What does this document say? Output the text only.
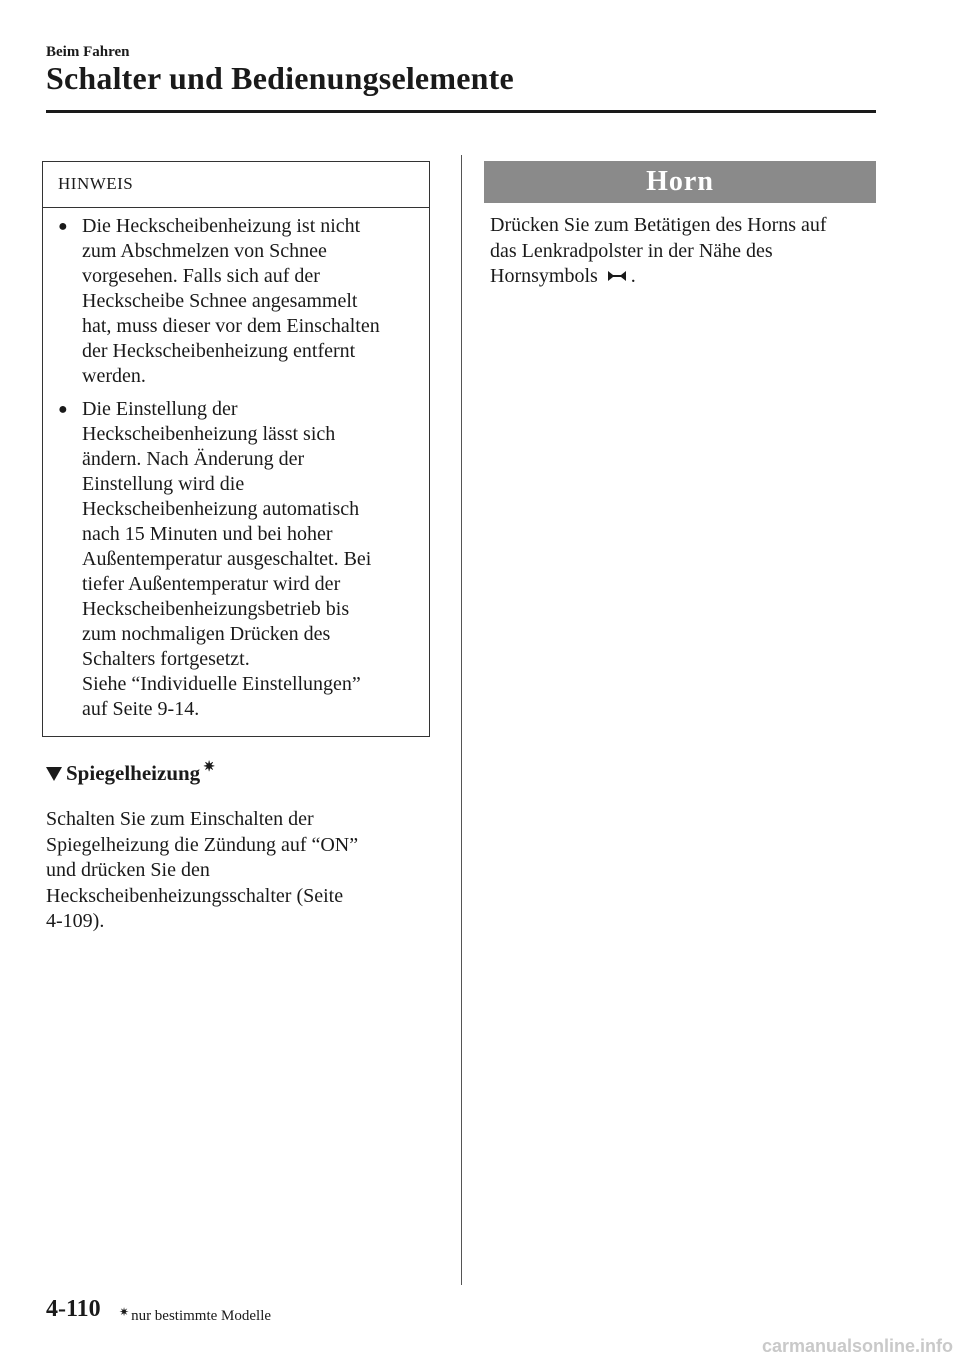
Beim Fahren
Schalter und Bedienungselemente
HINWEIS
● Die Heckscheibenheizung ist nicht
zum Abschmelzen von Schnee
vorgesehen. Falls sich auf der
Heckscheibe Schnee angesammelt
hat, muss dieser vor dem Einschalten
der Heckscheibenheizung entfernt
werden.
● Die Einstellung der
Heckscheibenheizung lässt sich
ändern. Nach Änderung der
Einstellung wird die
Heckscheibenheizung automatisch
nach 15 Minuten und bei hoher
Außentemperatur ausgeschaltet. Bei
tiefer Außentemperatur wird der
Heckscheibenheizungsbetrieb bis
zum nochmaligen Drücken des
Schalters fortgesetzt.
Siehe “Individuelle Einstellungen”
auf Seite 9-14.
Spiegelheizung ✷
Schalten Sie zum Einschalten der
Spiegelheizung die Zündung auf “ON”
und drücken Sie den
Heckscheibenheizungsschalter (Seite
4-109).
Horn
Drücken Sie zum Betätigen des Horns auf
das Lenkradpolster in der Nähe des
Hornsymbols .
4-110 ✷ nur bestimmte Modelle
carmanualsonline.info
